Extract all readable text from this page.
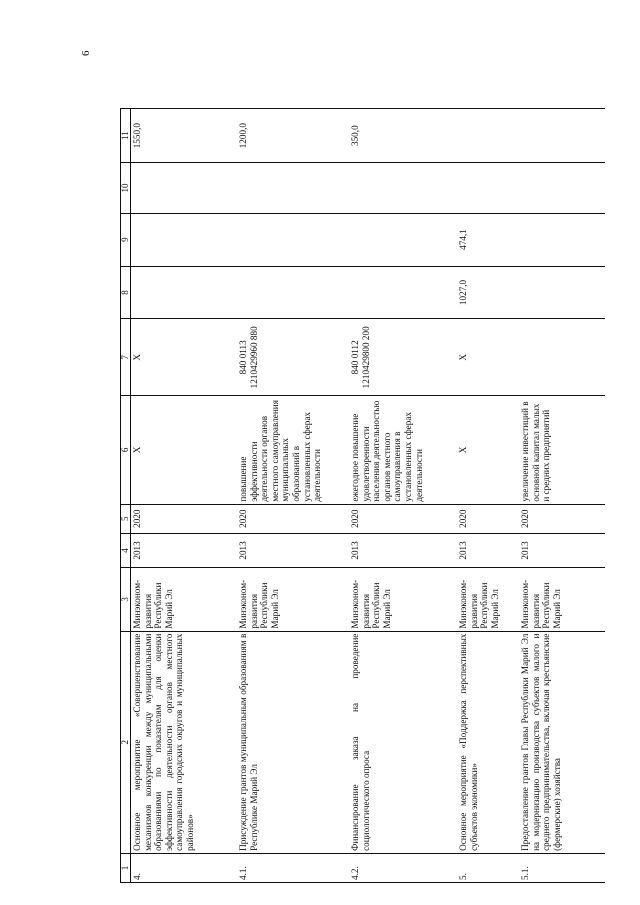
6
1	2	3	4	5	6	7	8	9	10	11
4.	Основное мероприятие «Совершенствование механизмов конкуренции между муниципальными образованиями по показателям для оценки эффективности деятельности органов местного самоуправления городских округов и муниципальных районов»	Минэконом-развития Республики Марий Эл	2013	2020	X	X				1550,0
4.1.	Присуждение грантов муниципальным образованиям в Республике Марий Эл	Минэконом-развития Республики Марий Эл	2013	2020	повышение эффективности деятельности органов местного самоуправления муниципальных образований в установленных сферах деятельности	840 0113 1210429960 880				1200,0
4.2.	Финансирование заказа на проведение социологического опроса	Минэконом-развития Республики Марий Эл	2013	2020	ежегодное повышение удовлетворенности населения деятельностью органов местного самоуправления в установленных сферах деятельности	840 0112 1210429800 200				350,0
5.	Основное мероприятие «Поддержка перспективных субъектов экономики»	Минэконом-развития Республики Марий Эл	2013	2020	X	X	1027,0	474,1		
5.1.	Предоставление грантов Главы Республики Марий Эл на модернизацию производства субъектов малого и среднего предпринимательства, включая крестьянские (фермерские) хозяйства	Минэконом-развития Республики Марий Эл	2013	2020	увеличение инвестиций в основной капитал малых и средних предприятий					
